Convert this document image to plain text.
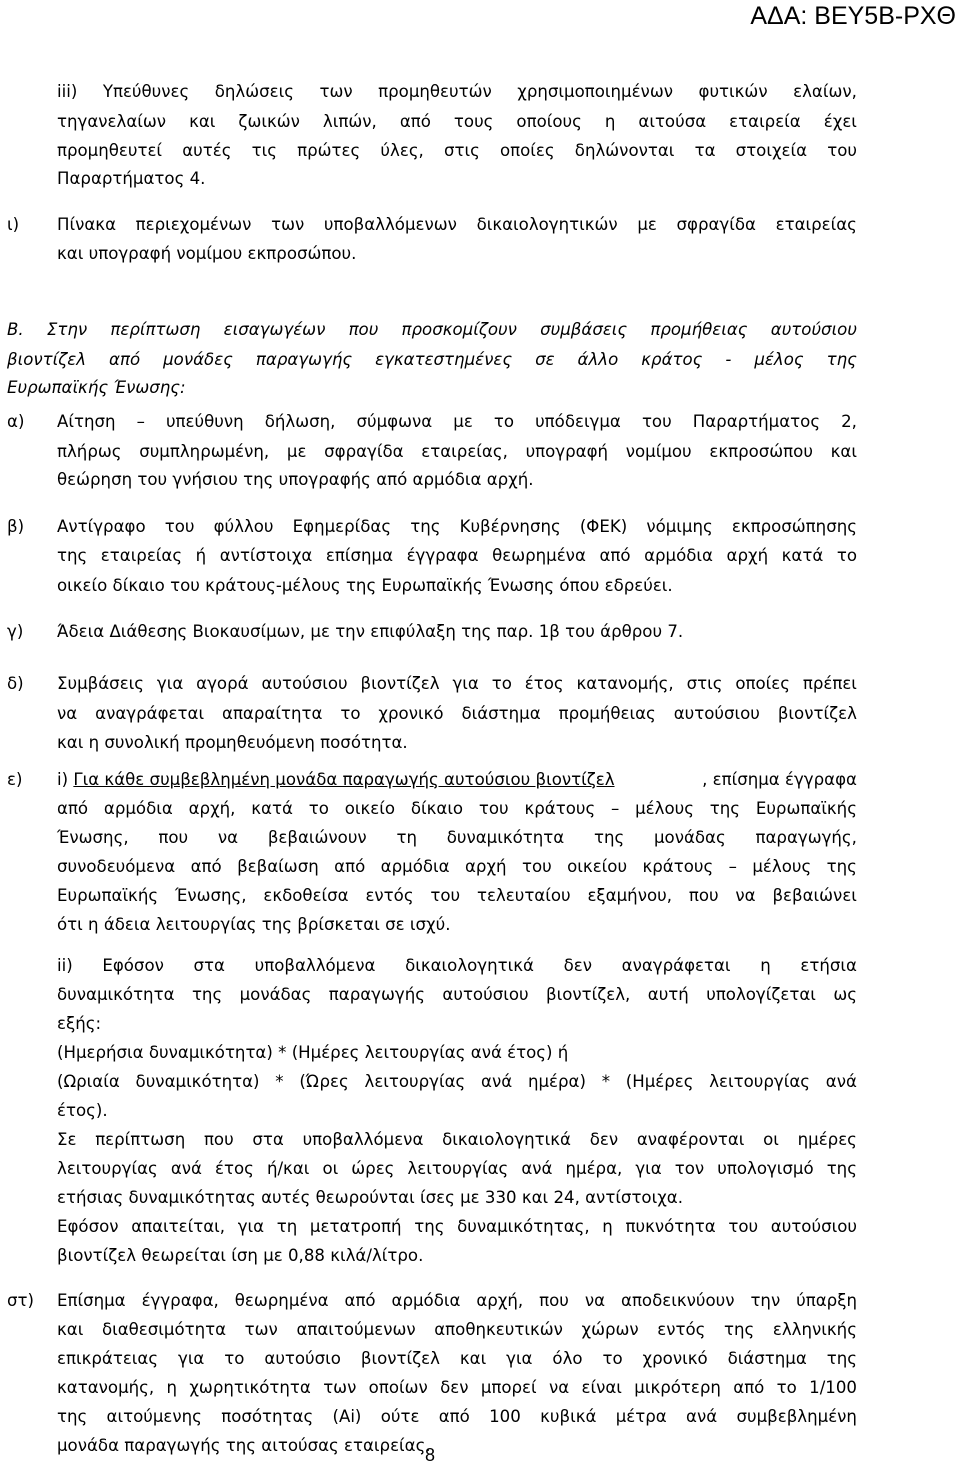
ΑΔΑ: ΒΕΥ5Β-ΡΧΘ
iii) Υπεύθυνες δηλώσεις των προμηθευτών χρησιμοποιημένων φυτικών ελαίων,
τηγανελαίων και ζωικών λιπών, από τους οποίους η αιτούσα εταιρεία έχει
προμηθευτεί αυτές τις πρώτες ύλες, στις οποίες δηλώνονται τα στοιχεία του
Παραρτήματος 4.
ι) Πίνακα περιεχομένων των υποβαλλόμενων δικαιολογητικών με σφραγίδα εταιρείας
και υπογραφή νομίμου εκπροσώπου.
Β. Στην περίπτωση εισαγωγέων που προσκομίζουν συμβάσεις προμήθειας αυτούσιου
βιοντίζελ από μονάδες παραγωγής εγκατεστημένες σε άλλο κράτος - μέλος της
Ευρωπαϊκής Ένωσης:
α) Αίτηση – υπεύθυνη δήλωση, σύμφωνα με το υπόδειγμα του Παραρτήματος 2,
πλήρως συμπληρωμένη, με σφραγίδα εταιρείας, υπογραφή νομίμου εκπροσώπου και
θεώρηση του γνήσιου της υπογραφής από αρμόδια αρχή.
β) Αντίγραφο του φύλλου Εφημερίδας της Κυβέρνησης (ΦΕΚ) νόμιμης εκπροσώπησης
της εταιρείας ή αντίστοιχα επίσημα έγγραφα θεωρημένα από αρμόδια αρχή κατά το
οικείο δίκαιο του κράτους-μέλους της Ευρωπαϊκής Ένωσης όπου εδρεύει.
γ) Άδεια Διάθεσης Βιοκαυσίμων, με την επιφύλαξη της παρ. 1β του άρθρου 7.
δ) Συμβάσεις για αγορά αυτούσιου βιοντίζελ για το έτος κατανομής, στις οποίες πρέπει
να αναγράφεται απαραίτητα το χρονικό διάστημα προμήθειας αυτούσιου βιοντίζελ
και η συνολική προμηθευόμενη ποσότητα.
ε) i) Για κάθε συμβεβλημένη μονάδα παραγωγής αυτούσιου βιοντίζελ	, επίσημα έγγραφα
από αρμόδια αρχή, κατά το οικείο δίκαιο του κράτους – μέλους της Ευρωπαϊκής
Ένωσης, που να βεβαιώνουν τη δυναμικότητα της μονάδας παραγωγής,
συνοδευόμενα από βεβαίωση από αρμόδια αρχή του οικείου κράτους – μέλους της
Ευρωπαϊκής Ένωσης, εκδοθείσα εντός του τελευταίου εξαμήνου, που να βεβαιώνει
ότι η άδεια λειτουργίας της βρίσκεται σε ισχύ.
ii) Εφόσον στα υποβαλλόμενα δικαιολογητικά δεν αναγράφεται η ετήσια
δυναμικότητα της μονάδας παραγωγής αυτούσιου βιοντίζελ, αυτή υπολογίζεται ως
εξής:
(Ημερήσια δυναμικότητα) * (Ημέρες λειτουργίας ανά έτος) ή
(Ωριαία δυναμικότητα) * (Ώρες λειτουργίας ανά ημέρα) * (Ημέρες λειτουργίας ανά
έτος).
Σε περίπτωση που στα υποβαλλόμενα δικαιολογητικά δεν αναφέρονται οι ημέρες
λειτουργίας ανά έτος ή/και οι ώρες λειτουργίας ανά ημέρα, για τον υπολογισμό της
ετήσιας δυναμικότητας αυτές θεωρούνται ίσες με 330 και 24, αντίστοιχα.
Εφόσον απαιτείται, για τη μετατροπή της δυναμικότητας, η πυκνότητα του αυτούσιου
βιοντίζελ θεωρείται ίση με 0,88 κιλά/λίτρο.
στ) Επίσημα έγγραφα, θεωρημένα από αρμόδια αρχή, που να αποδεικνύουν την ύπαρξη
και διαθεσιμότητα των απαιτούμενων αποθηκευτικών χώρων εντός της ελληνικής
επικράτειας για το αυτούσιο βιοντίζελ και για όλο το χρονικό διάστημα της
κατανομής, η χωρητικότητα των οποίων δεν μπορεί να είναι μικρότερη από το 1/100
της αιτούμενης ποσότητας (Ai) ούτε από 100 κυβικά μέτρα ανά συμβεβλημένη
μονάδα παραγωγής της αιτούσας εταιρείας.
8
